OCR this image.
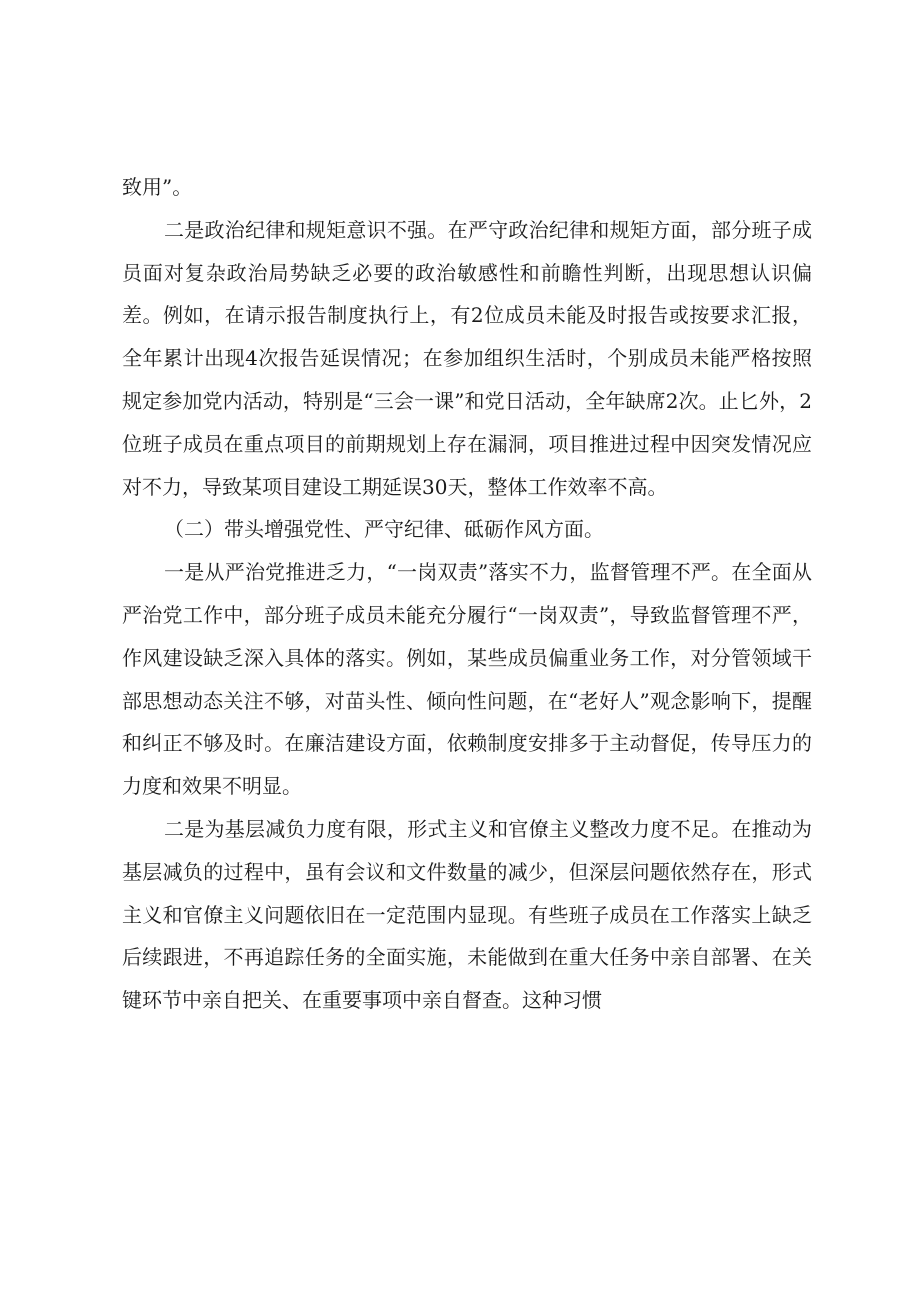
致用”。

二是政治纪律和规矩意识不强。在严守政治纪律和规矩方面，部分班子成员面对复杂政治局势缺乏必要的政治敏感性和前瞻性判断，出现思想认识偏差。例如，在请示报告制度执行上，有2位成员未能及时报告或按要求汇报，全年累计出现4次报告延误情况；在参加组织生活时，个别成员未能严格按照规定参加党内活动，特别是“三会一课”和党日活动，全年缺席2次。止匕外，2位班子成员在重点项目的前期规划上存在漏洞，项目推进过程中因突发情况应对不力，导致某项目建设工期延误30天，整体工作效率不高。

（二）带头增强党性、严守纪律、砥砺作风方面。

一是从严治党推进乏力，“一岗双责”落实不力，监督管理不严。在全面从严治党工作中，部分班子成员未能充分履行“一岗双责”，导致监督管理不严，作风建设缺乏深入具体的落实。例如，某些成员偏重业务工作，对分管领域干部思想动态关注不够，对苗头性、倾向性问题，在“老好人”观念影响下，提醒和纠正不够及时。在廉洁建设方面，依赖制度安排多于主动督促，传导压力的力度和效果不明显。

二是为基层减负力度有限，形式主义和官僚主义整改力度不足。在推动为基层减负的过程中，虽有会议和文件数量的减少，但深层问题依然存在，形式主义和官僚主义问题依旧在一定范围内显现。有些班子成员在工作落实上缺乏后续跟进，不再追踪任务的全面实施，未能做到在重大任务中亲自部署、在关键环节中亲自把关、在重要事项中亲自督查。这种习惯
